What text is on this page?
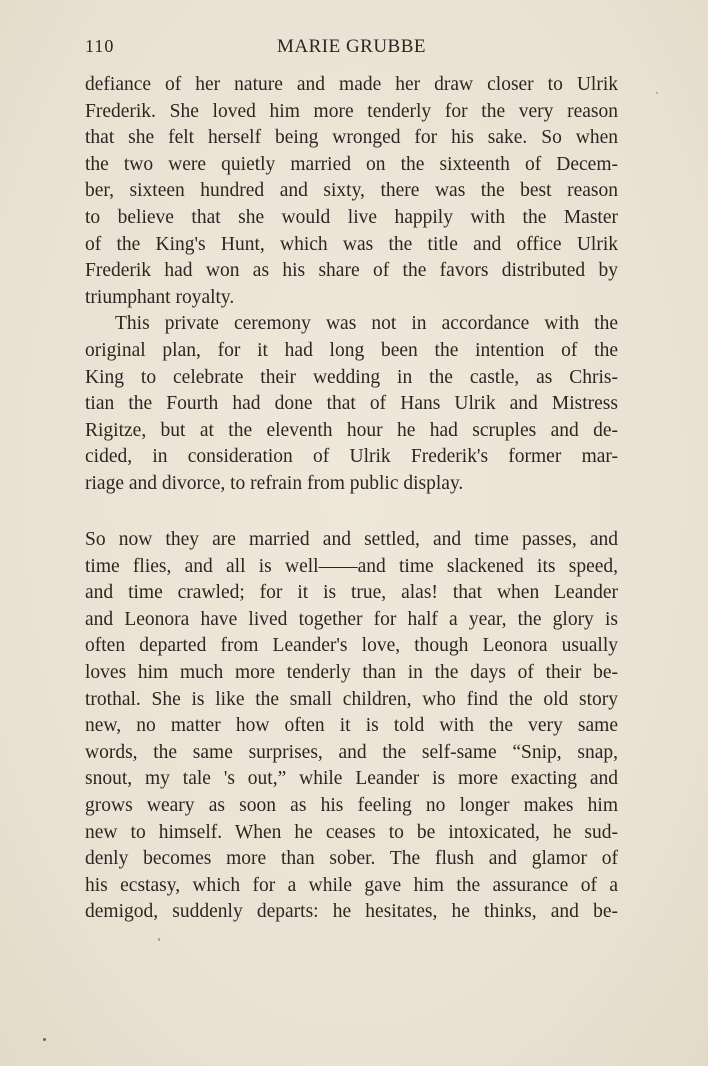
110	MARIE GRUBBE
defiance of her nature and made her draw closer to Ulrik
Frederik. She loved him more tenderly for the very reason
that she felt herself being wronged for his sake. So when
the two were quietly married on the sixteenth of Decem-
ber, sixteen hundred and sixty, there was the best reason
to believe that she would live happily with the Master
of the King's Hunt, which was the title and office Ulrik
Frederik had won as his share of the favors distributed by
triumphant royalty.
This private ceremony was not in accordance with the
original plan, for it had long been the intention of the
King to celebrate their wedding in the castle, as Chris-
tian the Fourth had done that of Hans Ulrik and Mistress
Rigitze, but at the eleventh hour he had scruples and de-
cided, in consideration of Ulrik Frederik's former mar-
riage and divorce, to refrain from public display.
So now they are married and settled, and time passes, and
time flies, and all is well——and time slackened its speed,
and time crawled; for it is true, alas! that when Leander
and Leonora have lived together for half a year, the glory is
often departed from Leander's love, though Leonora usually
loves him much more tenderly than in the days of their be-
trothal. She is like the small children, who find the old story
new, no matter how often it is told with the very same
words, the same surprises, and the self-same “Snip, snap,
snout, my tale 's out,” while Leander is more exacting and
grows weary as soon as his feeling no longer makes him
new to himself. When he ceases to be intoxicated, he sud-
denly becomes more than sober. The flush and glamor of
his ecstasy, which for a while gave him the assurance of a
demigod, suddenly departs: he hesitates, he thinks, and be-
